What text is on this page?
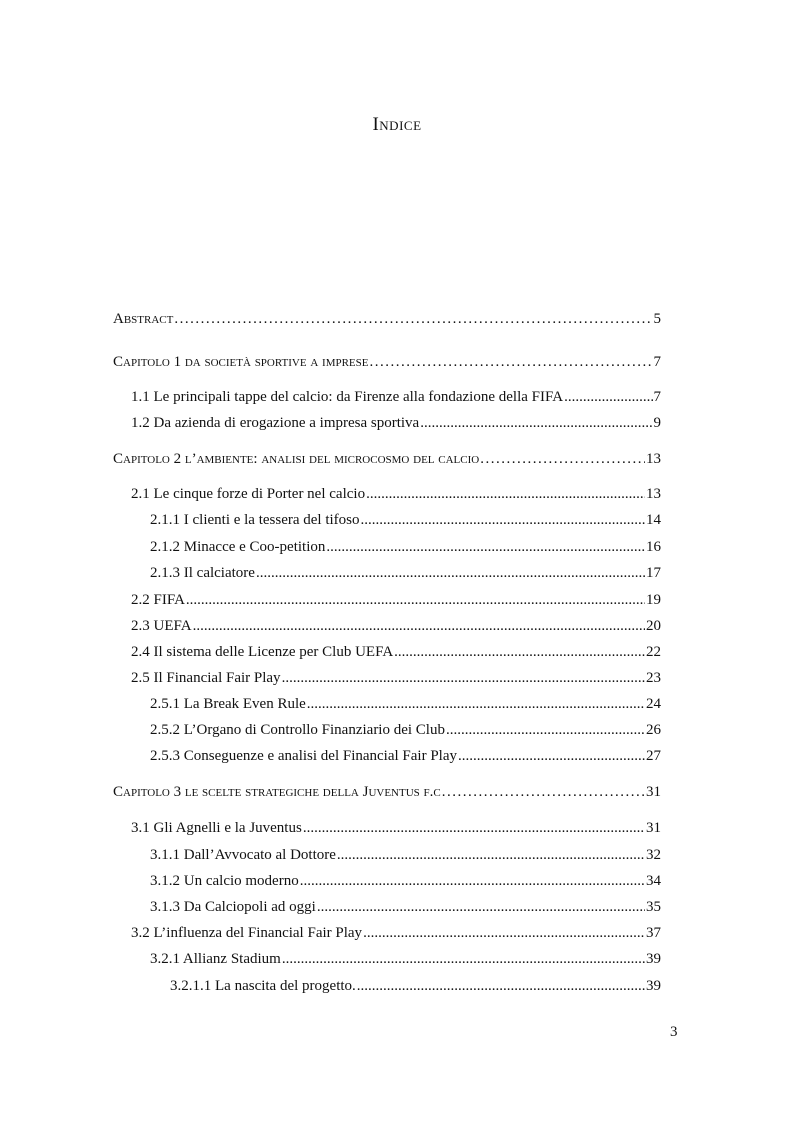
Indice
Abstract .....	5
Capitolo 1 da società sportive a imprese .....	7
1.1 Le principali tappe del calcio: da Firenze alla fondazione della FIFA .....	7
1.2 Da azienda di erogazione a impresa sportiva .....	9
Capitolo 2 l’ambiente: analisi del microcosmo del calcio .....	13
2.1 Le cinque forze di Porter nel calcio .....	13
2.1.1 I clienti e la tessera del tifoso .....	14
2.1.2 Minacce e Coo-petition .....	16
2.1.3 Il calciatore .....	17
2.2 FIFA .....	19
2.3 UEFA .....	20
2.4 Il sistema delle Licenze per Club UEFA .....	22
2.5 Il Financial Fair Play .....	23
2.5.1 La Break Even Rule .....	24
2.5.2 L’Organo di Controllo Finanziario dei Club .....	26
2.5.3 Conseguenze e analisi del Financial Fair Play .....	27
Capitolo 3 le scelte strategiche della Juventus f.c .....	31
3.1 Gli Agnelli e la Juventus .....	31
3.1.1 Dall’Avvocato al Dottore .....	32
3.1.2 Un calcio moderno .....	34
3.1.3 Da Calciopoli ad oggi .....	35
3.2 L’influenza del Financial Fair Play .....	37
3.2.1 Allianz Stadium .....	39
3.2.1.1 La nascita del progetto. .....	39
3
